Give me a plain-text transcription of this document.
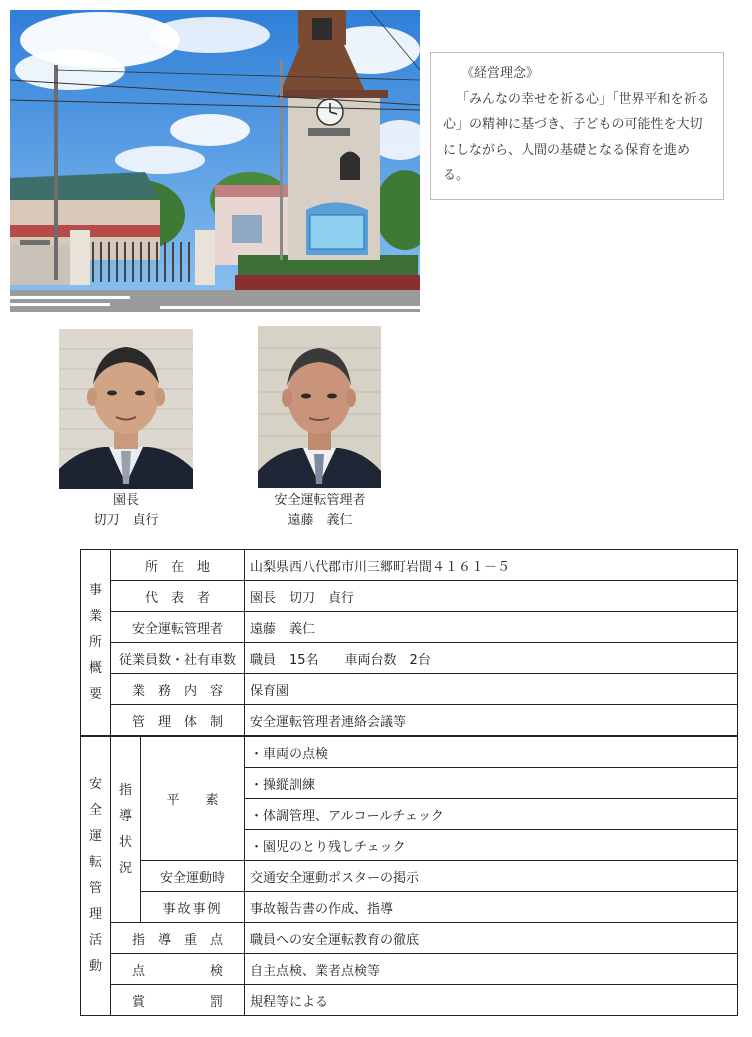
《経営理念》
「みんなの幸せを祈る心」「世界平和を祈る心」の精神に基づき、子どもの可能性を大切にしながら、人間の基礎となる保育を進める。
園長
切刀　貞行
安全運転管理者
遠藤　義仁
事業所概要	所　在　地		山梨県西八代郡市川三郷町岩間４１６１－５
	代　表　者		園長　切刀　貞行
	安全運転管理者		遠藤　義仁
	従業員数・社有車数		職員　15名　　車両台数　2台
	業　務　内　容		保育園
	管　理　体　制		安全運転管理者連絡会議等
安全運転管理活動	指導状況	平　　素	・車両の点検
			・操縦訓練
			・体調管理、アルコールチェック
			・園児のとり残しチェック
		安全運動時	交通安全運動ポスターの掲示
		事故事例	事故報告書の作成、指導
	指　導　重　点		職員への安全運転教育の徹底
	点　　　　　検		自主点検、業者点検等
	賞　　　　　罰		規程等による
